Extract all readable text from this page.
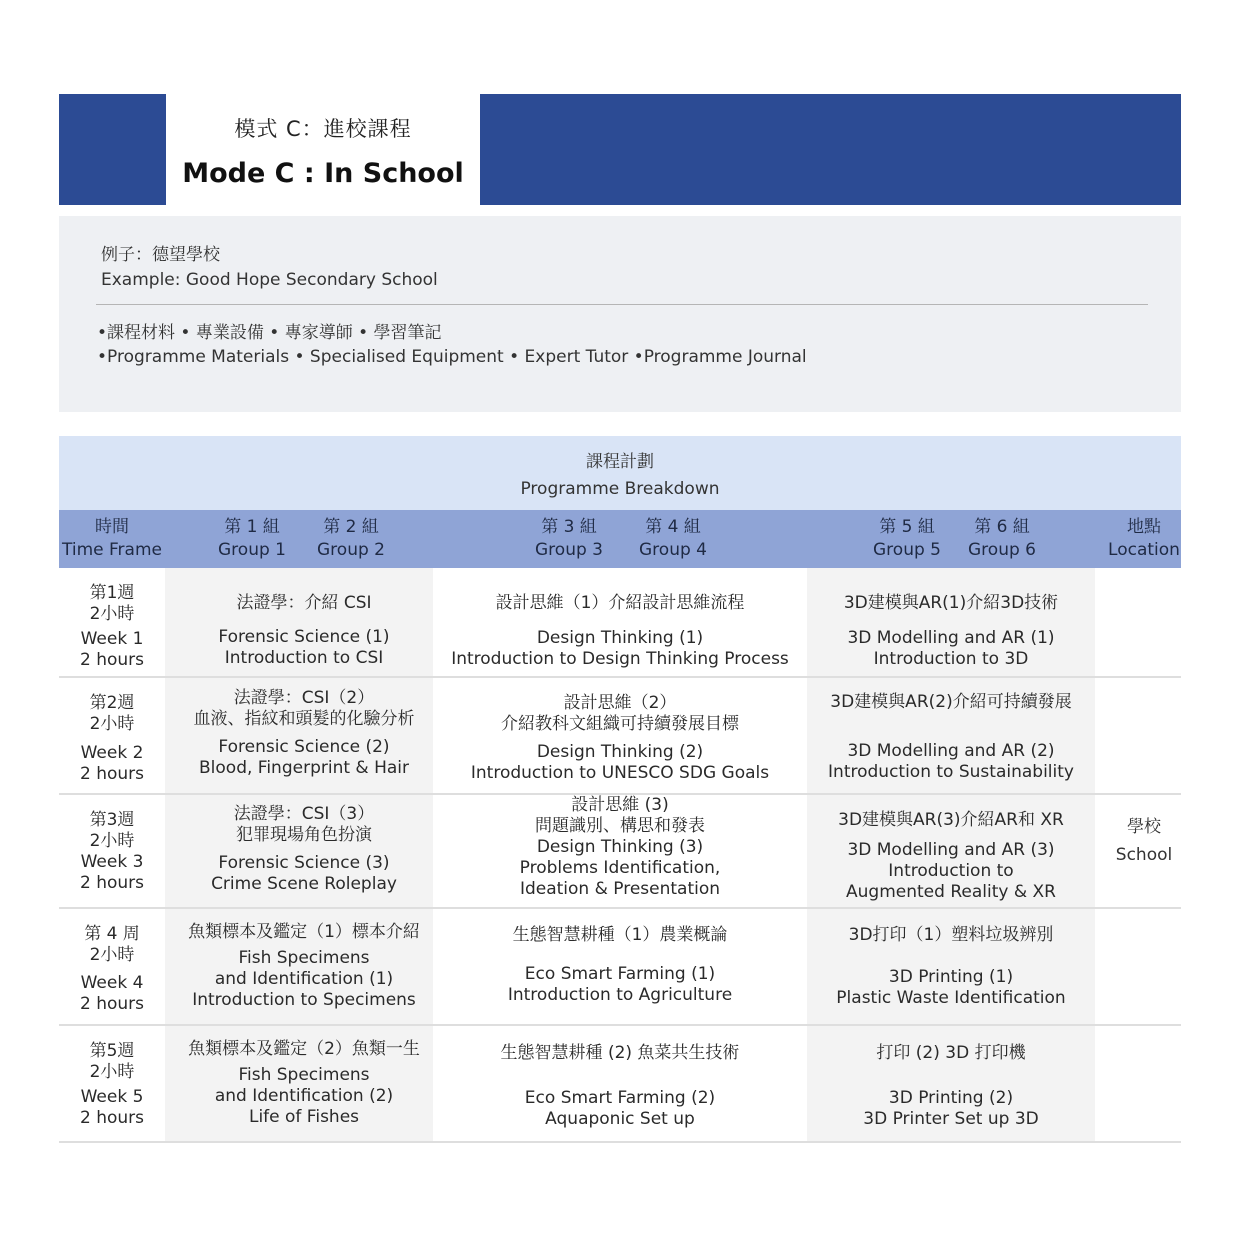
模式 C：進校課程
Mode C : In School
例子：德望學校
Example: Good Hope Secondary School
•課程材料 • 專業設備 • 專家導師 • 學習筆記
•Programme Materials • Specialised Equipment • Expert Tutor •Programme Journal
課程計劃
Programme Breakdown
時間
Time Frame
第 1 組
Group 1
第 2 組
Group 2
第 3 組
Group 3
第 4 組
Group 4
第 5 組
Group 5
第 6 組
Group 6
地點
Location
學校
School
第1週
2小時
Week 1
2 hours
法證學：介紹 CSI
Forensic Science (1)
Introduction to CSI
設計思維（1）介紹設計思維流程
Design Thinking (1)
Introduction to Design Thinking Process
3D建模與AR(1)介紹3D技術
3D Modelling and AR (1)
Introduction to 3D
第2週
2小時
Week 2
2 hours
法證學：CSI（2）
血液、指紋和頭髮的化驗分析
Forensic Science (2)
Blood, Fingerprint & Hair
設計思維（2）
介紹教科文組織可持續發展目標
Design Thinking (2)
Introduction to UNESCO SDG Goals
3D建模與AR(2)介紹可持續發展
3D Modelling and AR (2)
Introduction to Sustainability
第3週
2小時
Week 3
2 hours
法證學：CSI（3）
犯罪現場角色扮演
Forensic Science (3)
Crime Scene Roleplay
設計思維 (3)
問題識別、構思和發表
Design Thinking (3)
Problems Identification,
Ideation & Presentation
3D建模與AR(3)介紹AR和 XR
3D Modelling and AR (3)
Introduction to
Augmented Reality & XR
第 4 周
2小時
Week 4
2 hours
魚類標本及鑑定（1）標本介紹
Fish Specimens
and Identification (1)
Introduction to Specimens
生態智慧耕種（1）農業概論
Eco Smart Farming (1)
Introduction to Agriculture
3D打印（1）塑料垃圾辨別
3D Printing (1)
Plastic Waste Identification
第5週
2小時
Week 5
2 hours
魚類標本及鑑定（2）魚類一生
Fish Specimens
and Identification (2)
Life of Fishes
生態智慧耕種 (2) 魚菜共生技術
Eco Smart Farming (2)
Aquaponic Set up
打印 (2) 3D 打印機
3D Printing (2)
3D Printer Set up 3D
